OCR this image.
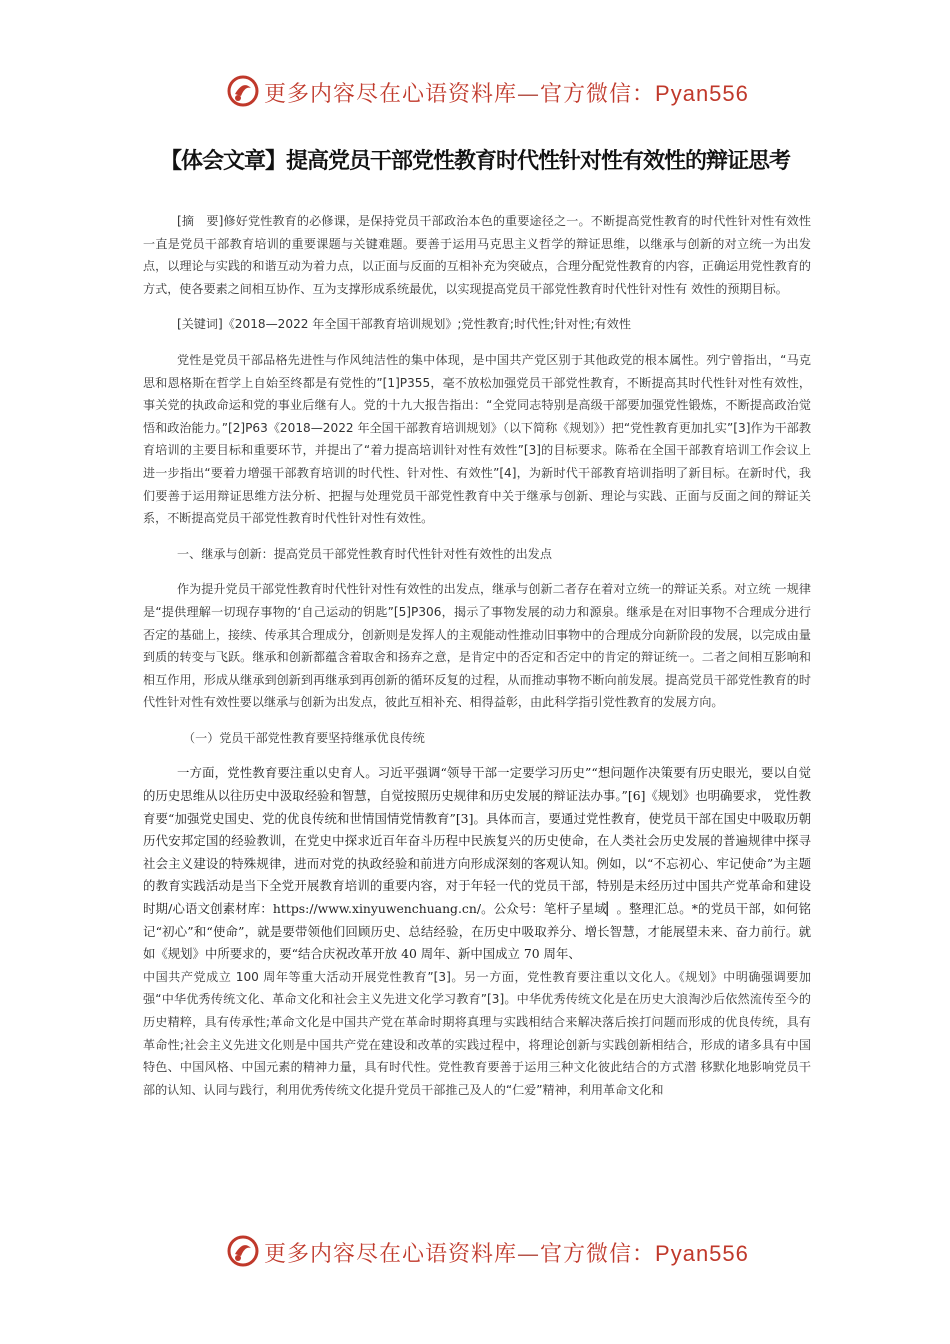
更多内容尽在心语资料库—官方微信：Pyan556
【体会文章】提高党员干部党性教育时代性针对性有效性的辩证思考

[摘　要]修好党性教育的必修课，是保持党员干部政治本色的重要途径之一。不断提高党性教育的时代性针对性有效性一直是党员干部教育培训的重要课题与关键难题。要善于运用马克思主义哲学的辩证思维，以继承与创新的对立统一为出发点，以理论与实践的和谐互动为着力点，以正面与反面的互相补充为突破点，合理分配党性教育的内容，正确运用党性教育的方式，使各要素之间相互协作、互为支撑形成系统最优，以实现提高党员干部党性教育时代性针对性有 效性的预期目标。

[关键词]《2018—2022 年全国干部教育培训规划》;党性教育;时代性;针对性;有效性

党性是党员干部品格先进性与作风纯洁性的集中体现，是中国共产党区别于其他政党的根本属性。列宁曾指出，“马克思和恩格斯在哲学上自始至终都是有党性的”[1]P355，毫不放松加强党员干部党性教育，不断提高其时代性针对性有效性，事关党的执政命运和党的事业后继有人。党的十九大报告指出：“全党同志特别是高级干部要加强党性锻炼，不断提高政治觉悟和政治能力。”[2]P63《2018—2022 年全国干部教育培训规划》（以下简称《规划》）把“党性教育更加扎实”[3]作为干部教育培训的主要目标和重要环节，并提出了“着力提高培训针对性有效性”[3]的目标要求。陈希在全国干部教育培训工作会议上进一步指出“要着力增强干部教育培训的时代性、针对性、有效性”[4]，为新时代干部教育培训指明了新目标。在新时代，我们要善于运用辩证思维方法分析、把握与处理党员干部党性教育中关于继承与创新、理论与实践、正面与反面之间的辩证关系，不断提高党员干部党性教育时代性针对性有效性。

一、继承与创新：提高党员干部党性教育时代性针对性有效性的出发点

作为提升党员干部党性教育时代性针对性有效性的出发点，继承与创新二者存在着对立统一的辩证关系。对立统 一规律是“提供理解一切现存事物的‘自己运动的钥匙”[5]P306，揭示了事物发展的动力和源泉。继承是在对旧事物不合理成分进行否定的基础上，接续、传承其合理成分，创新则是发挥人的主观能动性推动旧事物中的合理成分向新阶段的发展，以完成由量到质的转变与飞跃。继承和创新都蕴含着取舍和扬弃之意，是肯定中的否定和否定中的肯定的辩证统一。二者之间相互影响和相互作用，形成从继承到创新到再继承到再创新的循环反复的过程，从而推动事物不断向前发展。提高党员干部党性教育的时代性针对性有效性要以继承与创新为出发点，彼此互相补充、相得益彰，由此科学指引党性教育的发展方向。

（一）党员干部党性教育要坚持继承优良传统

一方面，党性教育要注重以史育人。习近平强调“领导干部一定要学习历史”“想问题作决策要有历史眼光，要以自觉的历史思维从以往历史中汲取经验和智慧，自觉按照历史规律和历史发展的辩证法办事。”[6]《规划》也明确要求， 党性教育要“加强党史国史、党的优良传统和世情国情党情教育”[3]。具体而言，要通过党性教育，使党员干部在国史中吸取历朝历代安邦定国的经验教训，在党史中探求近百年奋斗历程中民族复兴的历史使命，在人类社会历史发展的普遍规律中探寻社会主义建设的特殊规律，进而对党的执政经验和前进方向形成深刻的客观认知。例如，以“不忘初心、牢记使命”为主题的教育实践活动是当下全党开展教育培训的重要内容，对于年轻一代的党员干部，特别是未经历过中国共产党革命和建设时期/心语文创素材库：https://www.xinyuwenchuang.cn/。公众号：笔杆子星域▏。整理汇总。*的党员干部，如何铭记“初心”和“使命”，就是要带领他们回顾历史、总结经验，在历史中吸取养分、增长智慧，才能展望未来、奋力前行。就如《规划》中所要求的，要“结合庆祝改革开放 40 周年、新中国成立 70 周年、

中国共产党成立 100 周年等重大活动开展党性教育”[3]。另一方面，党性教育要注重以文化人。《规划》中明确强调要加强“中华优秀传统文化、革命文化和社会主义先进文化学习教育”[3]。中华优秀传统文化是在历史大浪淘沙后依然流传至今的历史精粹，具有传承性;革命文化是中国共产党在革命时期将真理与实践相结合来解决落后挨打问题而形成的优良传统，具有革命性;社会主义先进文化则是中国共产党在建设和改革的实践过程中，将理论创新与实践创新相结合，形成的诸多具有中国特色、中国风格、中国元素的精神力量，具有时代性。党性教育要善于运用三种文化彼此结合的方式潜 移默化地影响党员干部的认知、认同与践行，利用优秀传统文化提升党员干部推己及人的“仁爱”精神，利用革命文化和

更多内容尽在心语资料库—官方微信：Pyan556
